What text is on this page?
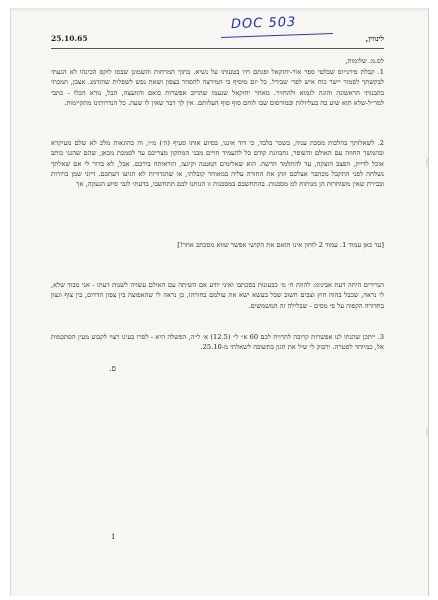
DOC 503
25.10.65	לינוזין,
לס.מ. שלומות,
1. קבלת פירנייוס שכלטי ספר אור-יחזקאל ופגתם חיו בטעותו על נשיא. בתוך המרחות והשמונן שבסו לוקס הכינהו לא הגעתי לבקשתך לסמור יישר כוח איש לפר׳ שבירל. כל יום מוסיף בי המירצה להסהר בצפון ושאת נפש לשפלות שהזדמנ. אצבן, תמכתי בהבנותי הראשונה והוגה לגמוא ולהחזיר. מאחר יחזקאל שנעמו שהרוב אפשרות כואם והוועצה, הבל, נודא הכלו - כתבי למר״ל-שלא תוא שיע בה בעליולות ובמורסום שבו לוחם סוף סוף העלותם. אין לך דבר שאין לו שעה. כל הנדרותינו מתקיימות.
2. לשאלותך בהלכות מסכת עניה, בשכר בלבד, כי דוד אינגו, בסיוע אותו סעיף (ה׳) מ״ו, וה כהוגאות מלכ לא שלם מעיקרא ובהמשך החוזה עם האולם והשופר, גחבוזנת קודם כל להעמיד חויים מבני המתקון מצריכם עד לסמכת מכאן, שהם שהגני כותב אוכל לדייק, הפצב הוצקה, עד להתלמד הרשה. הוא שאלימים המטנה וקיגצו, הוראותה בירכם. אבל, לא בדור לי אם שאלתך נשלחה לפני התקבל מכתבר אצלכם וזהן את החורה עליה במאוחר קובלתי, או שהגדורות לא הגיעו דעתכם. דיוני שמן ברורות ובבירת שאין משוחרות הן מנותות למ מסכנות. בהתחשבם במסכנות זו הנותנו לכם תתחשבו, בדעתי לגבי סיוע הנעקה, אך
[עד כאן עמוד 1. עמוד 2 לוחון אינו תואם את הקושי אפשר שזוא מסכתב אחר!]
הנדירים היתה דעת אבינימ: להוות ח׳ מ׳ כבעונות בסכתבו ואיני יודע אם השיתה עם האולם עשויה לשנות דעתו - אני מבוד שלא, לי נראה, שכבל בהוה חוץ וצבים חשוב שכל בעשא ישא את עולמם בחורהו, כן נראה לי שהאפוצה בין צפון הדרום, בין צוף וגצון בחדורה הקפוה על פי מסים - שבלילה זה המשמשים.
3. ייתכן שהנחו לנו אפשרות קרובה להרויח לכם 60 א״ ל״ (12.5) א׳ ל״ה, הפשלה היא - לסרו בעינו רצוי לקבוע מעין הסתכמות אל, כמיוחד לסטרה. ירבוק לי שיל את חגון בתשובה לשאלתי מ-25.10.
ס.
1
